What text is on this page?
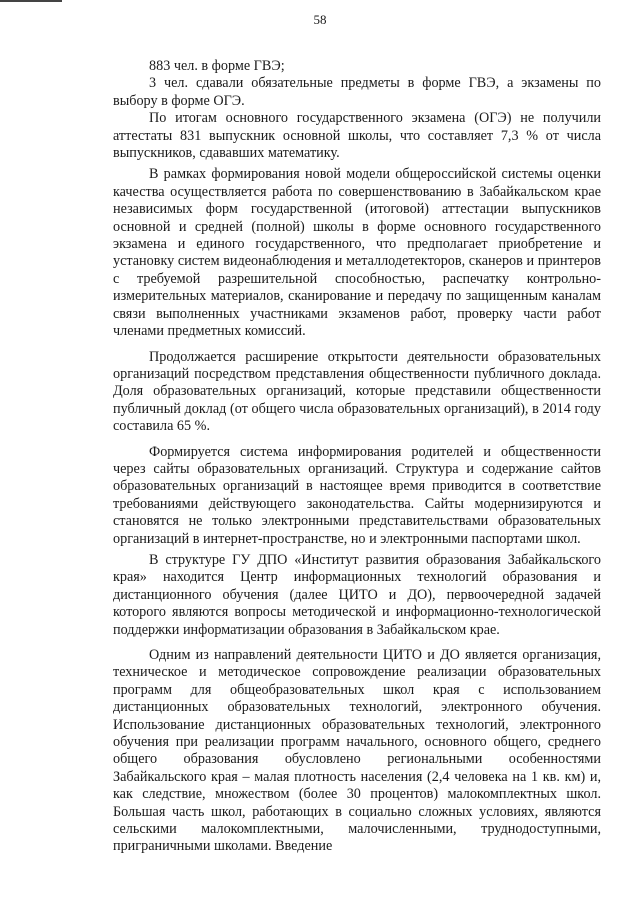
58

883 чел. в форме ГВЭ;

3 чел. сдавали обязательные предметы в форме ГВЭ, а экзамены по выбору в форме ОГЭ.

По итогам основного государственного экзамена (ОГЭ) не получили аттестаты 831 выпускник основной школы, что составляет 7,3 % от числа выпускников, сдававших математику.

В рамках формирования новой модели общероссийской системы оценки качества осуществляется работа по совершенствованию в Забайкальском крае независимых форм государственной (итоговой) аттестации выпускников основной и средней (полной) школы в форме основного государственного экзамена и единого государственного, что предполагает приобретение и установку систем видеонаблюдения и металлодетекторов, сканеров и принтеров с требуемой разрешительной способностью, распечатку контрольно-измерительных материалов, сканирование и передачу по защищенным каналам связи выполненных участниками экзаменов работ, проверку части работ членами предметных комиссий.

Продолжается расширение открытости деятельности образовательных организаций посредством представления общественности публичного доклада. Доля образовательных организаций, которые представили общественности публичный доклад (от общего числа образовательных организаций), в 2014 году составила 65 %.

Формируется система информирования родителей и общественности через сайты образовательных организаций. Структура и содержание сайтов образовательных организаций в настоящее время приводится в соответствие требованиями действующего законодательства. Сайты модернизируются и становятся не только электронными представительствами образовательных организаций в интернет-пространстве, но и электронными паспортами школ.

В структуре ГУ ДПО «Институт развития образования Забайкальского края» находится Центр информационных технологий образования и дистанционного обучения (далее ЦИТО и ДО), первоочередной задачей которого являются вопросы методической и информационно-технологической поддержки информатизации образования в Забайкальском крае.

Одним из направлений деятельности ЦИТО и ДО является организация, техническое и методическое сопровождение реализации образовательных программ для общеобразовательных школ края с использованием дистанционных образовательных технологий, электронного обучения. Использование дистанционных образовательных технологий, электронного обучения при реализации программ начального, основного общего, среднего общего образования обусловлено региональными особенностями Забайкальского края – малая плотность населения (2,4 человека на 1 кв. км) и, как следствие, множеством (более 30 процентов) малокомплектных школ. Большая часть школ, работающих в социально сложных условиях, являются сельскими малокомплектными, малочисленными, труднодоступными, приграничными школами. Введение
